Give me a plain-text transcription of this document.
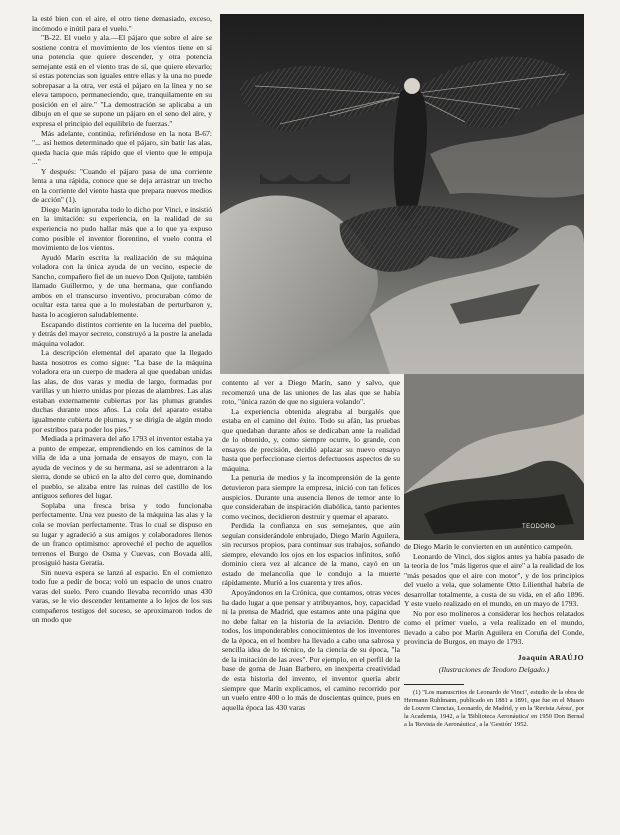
la esté bien con el aire, el otro tiene demasiado, exceso, incómodo e inútil para el vuelo."

"B-22. El vuelo y ala.—El pájaro que sobre el aire se sostiene contra el movimiento de los vientos tiene en sí una potencia que quiere descender, y otra potencia semejante está en el viento tras de sí, que quiere elevarlo; si estas potencias son iguales entre ellas y la una no puede sobrepasar a la otra, ver está el pájaro en la línea y no se eleva tampoco, permaneciendo, que, tranquilamente en su posición en el aire." "La demostración se aplicaba a un dibujo en el que se supone un pájaro en el seno del aire, y expresa el principio del equilibrio de fuerzas."

Más adelante, continúa, refiriéndose en la nota B-67: "... así hemos determinado que el pájaro, sin batir las alas, queda hacia que más rápido que el viento que le empuja ..."

Y después: "Cuando el pájaro pasa de una corriente lenta a una rápida, conoce que se deja arrastrar un trecho en la corriente del viento hasta que prepara nuevos medios de acción" (1).

Diego Marín ignoraba todo lo dicho por Vinci, e insistió en la imitación: su experiencia, en la realidad de su experiencia no pudo hallar más que a lo que ya expuso como posible el inventor florentino, el vuelo contra el movimiento de los vientos.

Ayudó Marín escrita la realización de su máquina voladora con la única ayuda de un vecino, especie de Sancho, compañero fiel de un nuevo Don Quijote, también llamado Guillermo, y de una hermana, que confiando ambos en el transcurso inventivo, procuraban cómo de ocultar esta tarea que a lo molestaban de perturbaron y, hasta lo acogieron saludablemente.

Escapando distintos corriente en la lucerna del pueblo, y detrás del mayor secreto, construyó a la postre la anelada máquina volador.

La descripción elemental del aparato que la llegado hasta nosotros es como sigue: "La base de la máquina voladora era un cuerpo de madera al que quedaban unidas las alas, de dos varas y media de largo, formadas por varillas y un hierro unidas por piezas de alambres. Las alas estaban externamente cubiertas por las plumas grandes duchas durante unos años. La cola del aparato estaba igualmente cubierta de plumas, y se dirigía de algún modo por estribos para poder los pies."

Mediada a primavera del año 1793 el inventor estaba ya a punto de empezar, emprendiendo en los caminos de la villa de ida a una jornada de ensayos de mayo, con la ayuda de vecinos y de su hermana, así se adentraron a la sierra, donde se ubicó en la alto del cerro que, dominando el pueblo, se alzaba entre las ruinas del castillo de los antiguos señores del lugar.

Soplaba una fresca brisa y todo funcionaba perfectamente. Una vez puesto de la máquina las alas y la cola se movían perfectamente. Tras lo cual se dispuso en su lugar y agradeció a sus amigos y colaboradores llenos de un franco optimismo: aproveché el pecho de aquellos terrenos el Burgo de Osma y Cuevas, con Bovada allí, prosiguió hasta Geratía.

Sin nueva espera se lanzó al espacio. En el comienzo todo fue a pedir de boca; voló un espacio de unos cuatro varas del suelo. Pero cuando llevaba recorrido unas 430 varas, se le vio descender lentamente a lo lejos de los sus compañeros testigos del suceso, se aproximaron todos de un modo que

TEODORO

contento al ver a Diego Marín, sano y salvo, que recomenzó una de las uniones de las alas que se había roto, "única razón de que no siguiera volando".

La experiencia obtenida alegraba al burgalés que estaba en el camino del éxito. Todo su afán, las pruebas que quedaban durante años se dedicaban ante la realidad de lo obtenido, y, como siempre ocurre, lo grande, con ensayos de precisión, decidió aplazar su nuevo ensayo hasta que perfeccionase ciertos defectuosos aspectos de su máquina.

La penuria de medios y la incomprensión de la gente detuvieron para siempre la empresa, inició con tan felices auspicios. Durante una ausencia llenos de temor ante lo que consideraban de inspiración diabólica, tanto parientes como vecinos, decidieron destruir y quemar el aparato.

Perdida la confianza en sus semejantes, que aún seguían considerándole enbrujado, Diego Marín Aguilera, sin recursos propios, para continuar sus trabajos, soñando siempre, elevando los ojos en los espacios infinitos, soñó dominio ciera vez al alcance de la mano, cayó en un estado de melancolía que le condujo a la muerte rápidamente. Murió a los cuarenta y tres años.

Apoyándonos en la Crónica, que contamos, otras veces ha dado lugar a que pensar y atribuyamos, hoy, capacidad ni la prensa de Madrid, que estamos ante una página que no debe faltar en la historia de la aviación. Dentro de todos, los imponderables conocimientos de los inventores de la época, en el hombre ha llevado a cabo una sabrosa y sencilla idea de lo técnico, de la ciencia de su época, "la de la imitación de las aves". Por ejemplo, en el perfil de la base de goma de Juan Barbero, en inexperta creatividad de esta historia del invento, el inventor quería abrir siempre que Marín explicamos, el camino recorrido por un vuelo entre 400 o lo más de doscientas quince, pues en aquella época las 430 varas

de Diego Marín le convierten en un auténtico campeón.

Leonardo de Vinci, dos siglos antes ya había pasado de la teoría de los "más ligeros que el aire" a la realidad de los "más pesados que el aire con motor", y de los principios del vuelo a vela, que solamente Otto Lilienthal habría de desarrollar totalmente, a costa de su vida, en el año 1896. Y este vuelo realizado en el mundo, en un mayo de 1793.

No por eso molineros a considerar los hechos relatados como el primer vuelo, a vela realizado en el mundo, llevado a cabo por Marín Aguilera en Coruña del Conde, provincia de Burgos, en mayo de 1793.

Joaquín ARAÚJO
(Ilustraciones de Teodoro Delgado.)

(1) "Los manuscritos de Leonardo de Vinci", estudio de la obra de Hermann Ruhlmann, publicado en 1881 a 1891, que fue en el Museo de Louvre Ciencias, Leonardo, de Madrid, y en la 'Revista Aérea', por la Academia, 1942, a la 'Biblioteca Aeronáutica' en 1950 Don Bernal a la 'Revista de Aeronáutica', a la 'Gestión' 1952.
